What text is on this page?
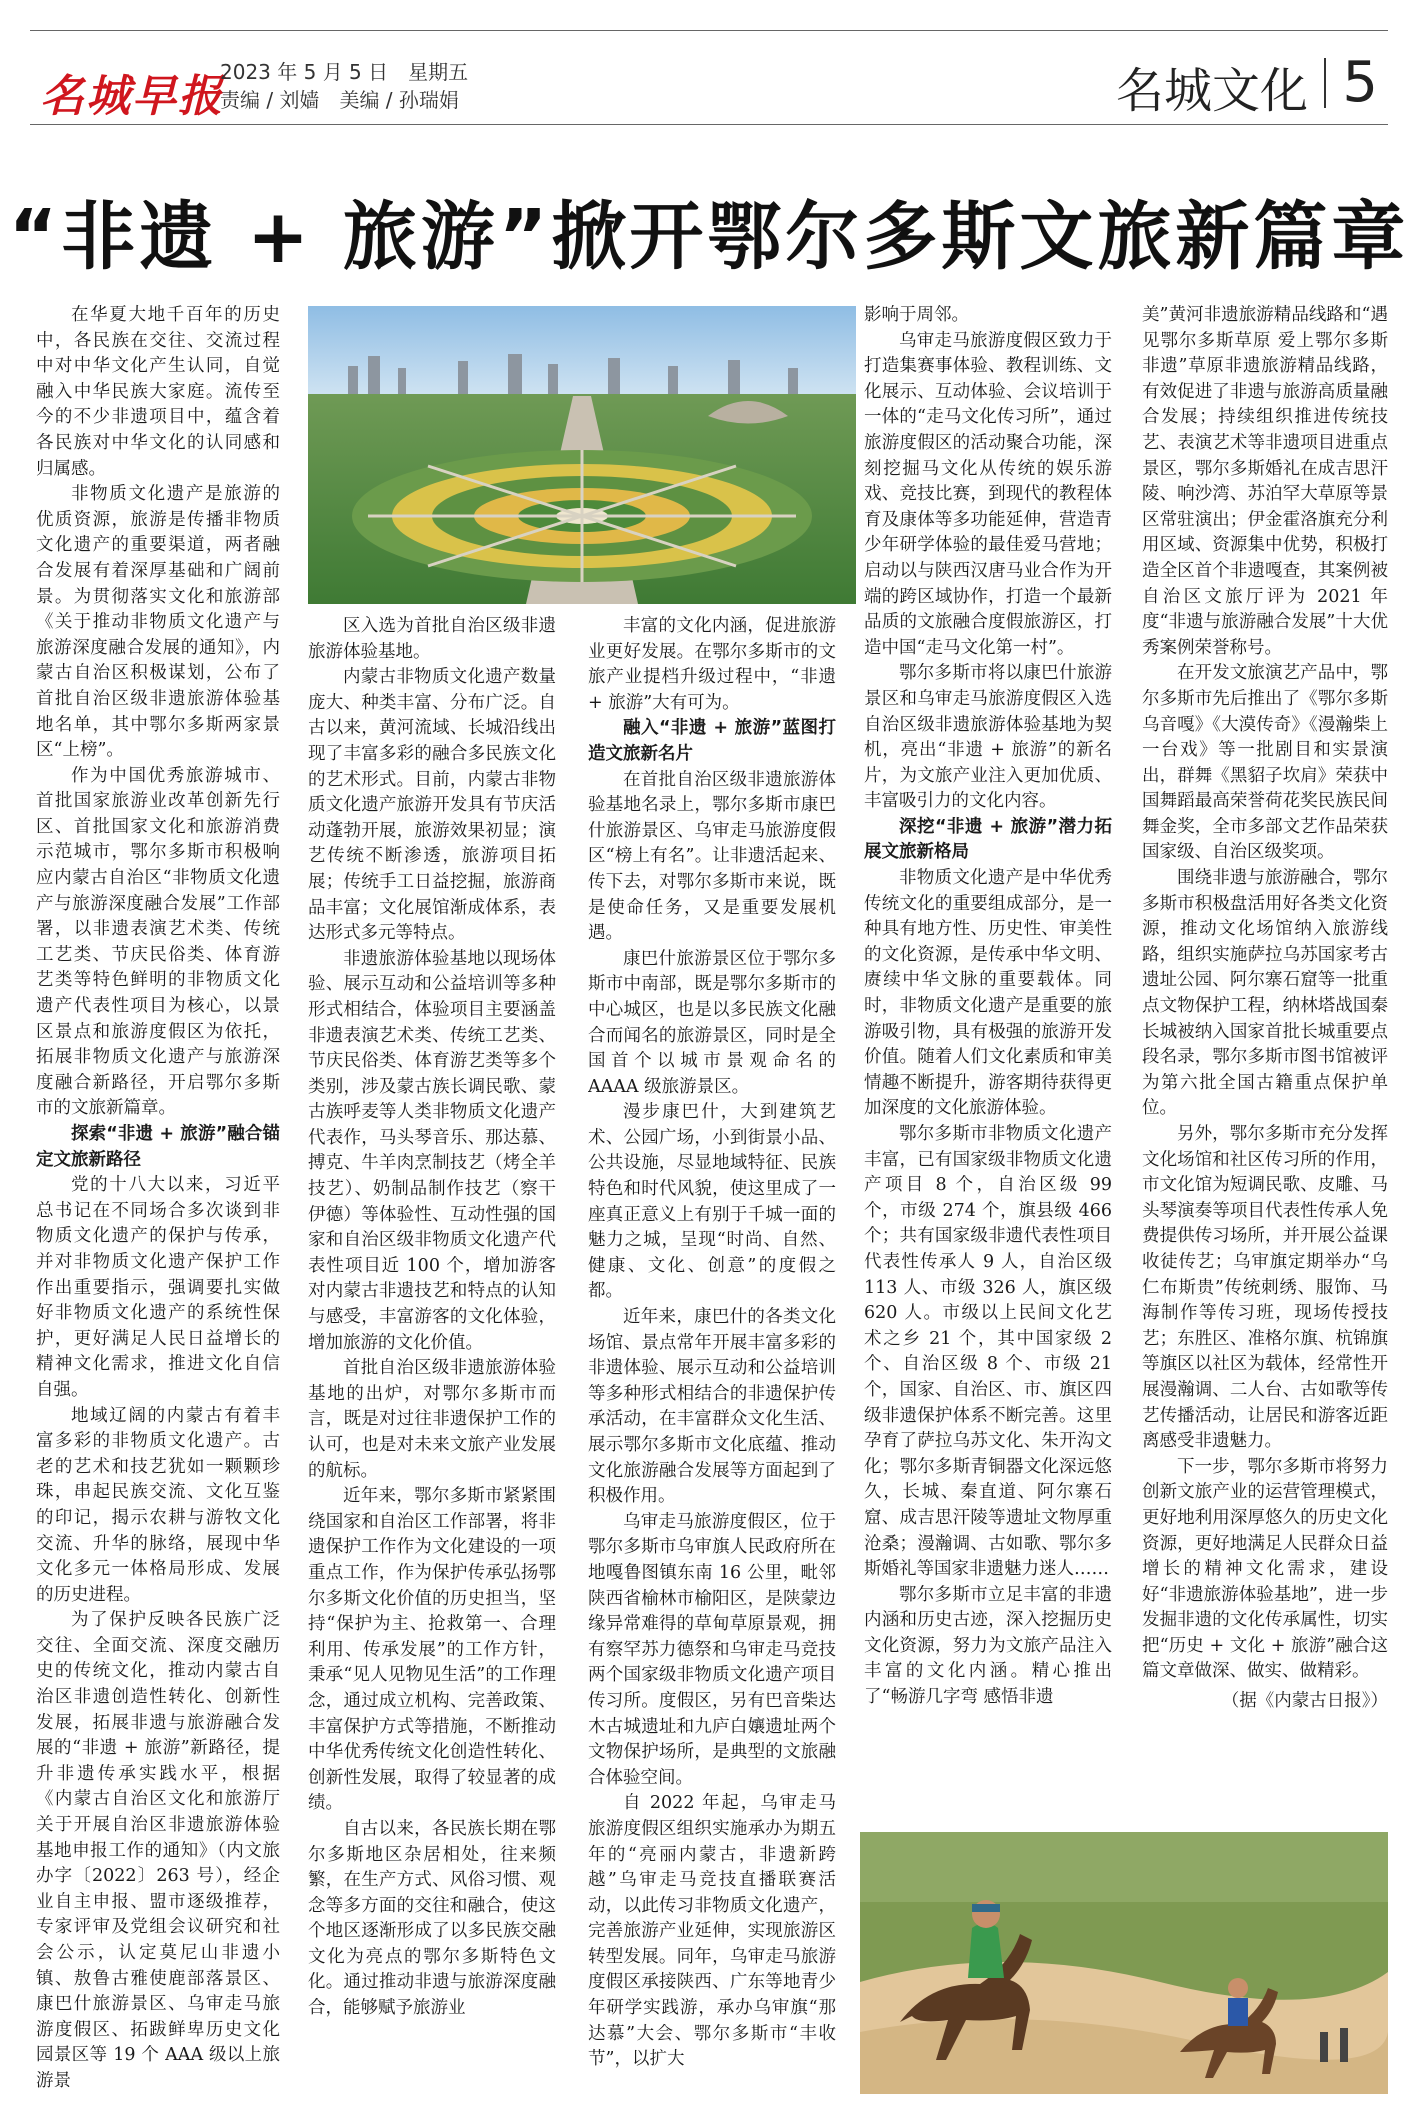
名城早报
2023 年 5 月 5 日　星期五
责编 / 刘嫱　美编 / 孙瑞娟	名城文化 5
“非遗 + 旅游”掀开鄂尔多斯文旅新篇章

在华夏大地千百年的历史中，各民族在交往、交流过程中对中华文化产生认同，自觉融入中华民族大家庭。流传至今的不少非遗项目中，蕴含着各民族对中华文化的认同感和归属感。

非物质文化遗产是旅游的优质资源，旅游是传播非物质文化遗产的重要渠道，两者融合发展有着深厚基础和广阔前景。为贯彻落实文化和旅游部《关于推动非物质文化遗产与旅游深度融合发展的通知》，内蒙古自治区积极谋划，公布了首批自治区级非遗旅游体验基地名单，其中鄂尔多斯两家景区“上榜”。

作为中国优秀旅游城市、首批国家旅游业改革创新先行区、首批国家文化和旅游消费示范城市，鄂尔多斯市积极响应内蒙古自治区“非物质文化遗产与旅游深度融合发展”工作部署，以非遗表演艺术类、传统工艺类、节庆民俗类、体育游艺类等特色鲜明的非物质文化遗产代表性项目为核心，以景区景点和旅游度假区为依托，拓展非物质文化遗产与旅游深度融合新路径，开启鄂尔多斯市的文旅新篇章。

探索“非遗 + 旅游”融合锚定文旅新路径

党的十八大以来，习近平总书记在不同场合多次谈到非物质文化遗产的保护与传承，并对非物质文化遗产保护工作作出重要指示，强调要扎实做好非物质文化遗产的系统性保护，更好满足人民日益增长的精神文化需求，推进文化自信自强。

地域辽阔的内蒙古有着丰富多彩的非物质文化遗产。古老的艺术和技艺犹如一颗颗珍珠，串起民族交流、文化互鉴的印记，揭示农耕与游牧文化交流、升华的脉络，展现中华文化多元一体格局形成、发展的历史进程。

为了保护反映各民族广泛交往、全面交流、深度交融历史的传统文化，推动内蒙古自治区非遗创造性转化、创新性发展，拓展非遗与旅游融合发展的“非遗 + 旅游”新路径，提升非遗传承实践水平，根据《内蒙古自治区文化和旅游厅关于开展自治区非遗旅游体验基地申报工作的通知》（内文旅办字〔2022〕263 号），经企业自主申报、盟市逐级推荐，专家评审及党组会议研究和社会公示，认定莫尼山非遗小镇、敖鲁古雅使鹿部落景区、康巴什旅游景区、乌审走马旅游度假区、拓跋鲜卑历史文化园景区等 19 个 AAA 级以上旅游景

区入选为首批自治区级非遗旅游体验基地。

内蒙古非物质文化遗产数量庞大、种类丰富、分布广泛。自古以来，黄河流域、长城沿线出现了丰富多彩的融合多民族文化的艺术形式。目前，内蒙古非物质文化遗产旅游开发具有节庆活动蓬勃开展，旅游效果初显；演艺传统不断渗透，旅游项目拓展；传统手工日益挖掘，旅游商品丰富；文化展馆渐成体系，表达形式多元等特点。

非遗旅游体验基地以现场体验、展示互动和公益培训等多种形式相结合，体验项目主要涵盖非遗表演艺术类、传统工艺类、节庆民俗类、体育游艺类等多个类别，涉及蒙古族长调民歌、蒙古族呼麦等人类非物质文化遗产代表作，马头琴音乐、那达慕、搏克、牛羊肉烹制技艺（烤全羊技艺）、奶制品制作技艺（察干伊德）等体验性、互动性强的国家和自治区级非物质文化遗产代表性项目近 100 个，增加游客对内蒙古非遗技艺和特点的认知与感受，丰富游客的文化体验，增加旅游的文化价值。

首批自治区级非遗旅游体验基地的出炉，对鄂尔多斯市而言，既是对过往非遗保护工作的认可，也是对未来文旅产业发展的航标。

近年来，鄂尔多斯市紧紧围绕国家和自治区工作部署，将非遗保护工作作为文化建设的一项重点工作，作为保护传承弘扬鄂尔多斯文化价值的历史担当，坚持“保护为主、抢救第一、合理利用、传承发展”的工作方针，秉承“见人见物见生活”的工作理念，通过成立机构、完善政策、丰富保护方式等措施，不断推动中华优秀传统文化创造性转化、创新性发展，取得了较显著的成绩。

自古以来，各民族长期在鄂尔多斯地区杂居相处，往来频繁，在生产方式、风俗习惯、观念等多方面的交往和融合，使这个地区逐渐形成了以多民族交融文化为亮点的鄂尔多斯特色文化。通过推动非遗与旅游深度融合，能够赋予旅游业

丰富的文化内涵，促进旅游业更好发展。在鄂尔多斯市的文旅产业提档升级过程中，“非遗 + 旅游”大有可为。

融入“非遗 + 旅游”蓝图打造文旅新名片

在首批自治区级非遗旅游体验基地名录上，鄂尔多斯市康巴什旅游景区、乌审走马旅游度假区“榜上有名”。让非遗活起来、传下去，对鄂尔多斯市来说，既是使命任务，又是重要发展机遇。

康巴什旅游景区位于鄂尔多斯市中南部，既是鄂尔多斯市的中心城区，也是以多民族文化融合而闻名的旅游景区，同时是全国首个以城市景观命名的 AAAA 级旅游景区。

漫步康巴什，大到建筑艺术、公园广场，小到街景小品、公共设施，尽显地域特征、民族特色和时代风貌，使这里成了一座真正意义上有别于千城一面的魅力之城，呈现“时尚、自然、健康、文化、创意”的度假之都。

近年来，康巴什的各类文化场馆、景点常年开展丰富多彩的非遗体验、展示互动和公益培训等多种形式相结合的非遗保护传承活动，在丰富群众文化生活、展示鄂尔多斯市文化底蕴、推动文化旅游融合发展等方面起到了积极作用。

乌审走马旅游度假区，位于鄂尔多斯市乌审旗人民政府所在地嘎鲁图镇东南 16 公里，毗邻陕西省榆林市榆阳区，是陕蒙边缘异常难得的草甸草原景观，拥有察罕苏力德祭和乌审走马竞技两个国家级非物质文化遗产项目传习所。度假区，另有巴音柴达木古城遗址和九庐白孃遗址两个文物保护场所，是典型的文旅融合体验空间。

自 2022 年起，乌审走马旅游度假区组织实施承办为期五年的“亮丽内蒙古，非遗新跨越”乌审走马竞技直播联赛活动，以此传习非物质文化遗产，完善旅游产业延伸，实现旅游区转型发展。同年，乌审走马旅游度假区承接陕西、广东等地青少年研学实践游，承办乌审旗“那达慕”大会、鄂尔多斯市“丰收节”，以扩大

影响于周邻。

乌审走马旅游度假区致力于打造集赛事体验、教程训练、文化展示、互动体验、会议培训于一体的“走马文化传习所”，通过旅游度假区的活动聚合功能，深刻挖掘马文化从传统的娱乐游戏、竞技比赛，到现代的教程体育及康体等多功能延伸，营造青少年研学体验的最佳爱马营地；启动以与陕西汉唐马业合作为开端的跨区域协作，打造一个最新品质的文旅融合度假旅游区，打造中国“走马文化第一村”。

鄂尔多斯市将以康巴什旅游景区和乌审走马旅游度假区入选自治区级非遗旅游体验基地为契机，亮出“非遗 + 旅游”的新名片，为文旅产业注入更加优质、丰富吸引力的文化内容。

深挖“非遗 + 旅游”潜力拓展文旅新格局

非物质文化遗产是中华优秀传统文化的重要组成部分，是一种具有地方性、历史性、审美性的文化资源，是传承中华文明、赓续中华文脉的重要载体。同时，非物质文化遗产是重要的旅游吸引物，具有极强的旅游开发价值。随着人们文化素质和审美情趣不断提升，游客期待获得更加深度的文化旅游体验。

鄂尔多斯市非物质文化遗产丰富，已有国家级非物质文化遗产项目 8 个，自治区级 99 个，市级 274 个，旗县级 466 个；共有国家级非遗代表性项目代表性传承人 9 人，自治区级 113 人、市级 326 人，旗区级 620 人。市级以上民间文化艺术之乡 21 个，其中国家级 2 个、自治区级 8 个、市级 21 个，国家、自治区、市、旗区四级非遗保护体系不断完善。这里孕育了萨拉乌苏文化、朱开沟文化；鄂尔多斯青铜器文化深远悠久，长城、秦直道、阿尔寨石窟、成吉思汗陵等遗址文物厚重沧桑；漫瀚调、古如歌、鄂尔多斯婚礼等国家非遗魅力迷人……

鄂尔多斯市立足丰富的非遗内涵和历史古迹，深入挖掘历史文化资源，努力为文旅产品注入丰富的文化内涵。精心推出了“畅游几字弯 感悟非遗

美”黄河非遗旅游精品线路和“遇见鄂尔多斯草原 爱上鄂尔多斯非遗”草原非遗旅游精品线路，有效促进了非遗与旅游高质量融合发展；持续组织推进传统技艺、表演艺术等非遗项目进重点景区，鄂尔多斯婚礼在成吉思汗陵、响沙湾、苏泊罕大草原等景区常驻演出；伊金霍洛旗充分利用区域、资源集中优势，积极打造全区首个非遗嘎查，其案例被自治区文旅厅评为 2021 年度“非遗与旅游融合发展”十大优秀案例荣誉称号。

在开发文旅演艺产品中，鄂尔多斯市先后推出了《鄂尔多斯乌音嘎》《大漠传奇》《漫瀚柴上一台戏》等一批剧目和实景演出，群舞《黑貂子坎肩》荣获中国舞蹈最高荣誉荷花奖民族民间舞金奖，全市多部文艺作品荣获国家级、自治区级奖项。

围绕非遗与旅游融合，鄂尔多斯市积极盘活用好各类文化资源，推动文化场馆纳入旅游线路，组织实施萨拉乌苏国家考古遗址公园、阿尔寨石窟等一批重点文物保护工程，纳林塔战国秦长城被纳入国家首批长城重要点段名录，鄂尔多斯市图书馆被评为第六批全国古籍重点保护单位。

另外，鄂尔多斯市充分发挥文化场馆和社区传习所的作用，市文化馆为短调民歌、皮雕、马头琴演奏等项目代表性传承人免费提供传习场所，并开展公益课收徒传艺；乌审旗定期举办“乌仁布斯贵”传统刺绣、服饰、马海制作等传习班，现场传授技艺；东胜区、准格尔旗、杭锦旗等旗区以社区为载体，经常性开展漫瀚调、二人台、古如歌等传艺传播活动，让居民和游客近距离感受非遗魅力。

下一步，鄂尔多斯市将努力创新文旅产业的运营管理模式，更好地利用深厚悠久的历史文化资源，更好地满足人民群众日益增长的精神文化需求，建设好“非遗旅游体验基地”，进一步发掘非遗的文化传承属性，切实把“历史 + 文化 + 旅游”融合这篇文章做深、做实、做精彩。

（据《内蒙古日报》）
